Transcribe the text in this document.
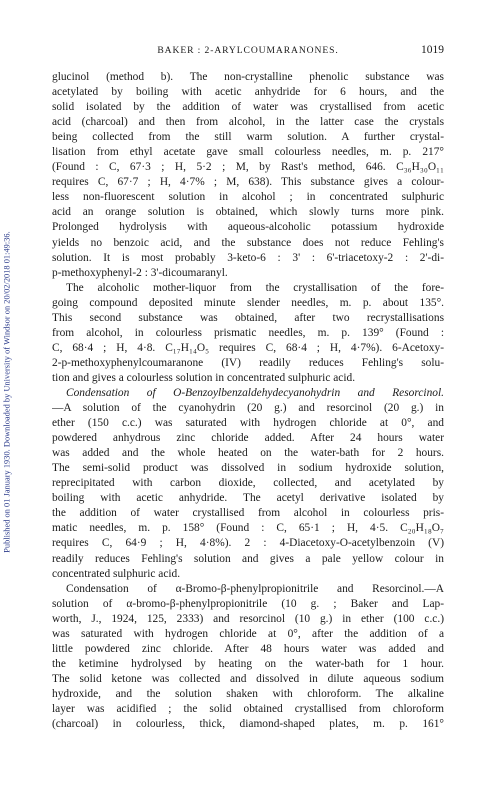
Published on 01 January 1930. Downloaded by University of Windsor on 20/02/2018 01:49:36.
BAKER : 2-ARYLCOUMARANONES.	1019
glucinol (method b). The non-crystalline phenolic substance was
acetylated by boiling with acetic anhydride for 6 hours, and the
solid isolated by the addition of water was crystallised from acetic
acid (charcoal) and then from alcohol, in the latter case the crystals
being collected from the still warm solution. A further crystal-
lisation from ethyl acetate gave small colourless needles, m. p. 217°
(Found : C, 67·3 ; H, 5·2 ; M, by Rast's method, 646. C₃₆H₃₀O₁₁
requires C, 67·7 ; H, 4·7% ; M, 638). This substance gives a colour-
less non-fluorescent solution in alcohol ; in concentrated sulphuric
acid an orange solution is obtained, which slowly turns more pink.
Prolonged hydrolysis with aqueous-alcoholic potassium hydroxide
yields no benzoic acid, and the substance does not reduce Fehling's
solution. It is most probably 3-keto-6 : 3' : 6'-triacetoxy-2 : 2'-di-
p-methoxyphenyl-2 : 3'-dicoumaranyl.
The alcoholic mother-liquor from the crystallisation of the fore-
going compound deposited minute slender needles, m. p. about 135°.
This second substance was obtained, after two recrystallisations
from alcohol, in colourless prismatic needles, m. p. 139° (Found :
C, 68·4 ; H, 4·8. C₁₇H₁₄O₅ requires C, 68·4 ; H, 4·7%). 6-Acetoxy-
2-p-methoxyphenylcoumaranone (IV) readily reduces Fehling's solu-
tion and gives a colourless solution in concentrated sulphuric acid.
Condensation of O-Benzoylbenzaldehydecyanohydrin and Resorcinol.
—A solution of the cyanohydrin (20 g.) and resorcinol (20 g.) in
ether (150 c.c.) was saturated with hydrogen chloride at 0°, and
powdered anhydrous zinc chloride added. After 24 hours water
was added and the whole heated on the water-bath for 2 hours.
The semi-solid product was dissolved in sodium hydroxide solution,
reprecipitated with carbon dioxide, collected, and acetylated by
boiling with acetic anhydride. The acetyl derivative isolated by
the addition of water crystallised from alcohol in colourless pris-
matic needles, m. p. 158° (Found : C, 65·1 ; H, 4·5. C₂₀H₁₈O₇
requires C, 64·9 ; H, 4·8%). 2 : 4-Diacetoxy-O-acetylbenzoin (V)
readily reduces Fehling's solution and gives a pale yellow colour in
concentrated sulphuric acid.
Condensation of α-Bromo-β-phenylpropionitrile and Resorcinol.—A
solution of α-bromo-β-phenylpropionitrile (10 g. ; Baker and Lap-
worth, J., 1924, 125, 2333) and resorcinol (10 g.) in ether (100 c.c.)
was saturated with hydrogen chloride at 0°, after the addition of a
little powdered zinc chloride. After 48 hours water was added and
the ketimine hydrolysed by heating on the water-bath for 1 hour.
The solid ketone was collected and dissolved in dilute aqueous sodium
hydroxide, and the solution shaken with chloroform. The alkaline
layer was acidified ; the solid obtained crystallised from chloroform
(charcoal) in colourless, thick, diamond-shaped plates, m. p. 161°
